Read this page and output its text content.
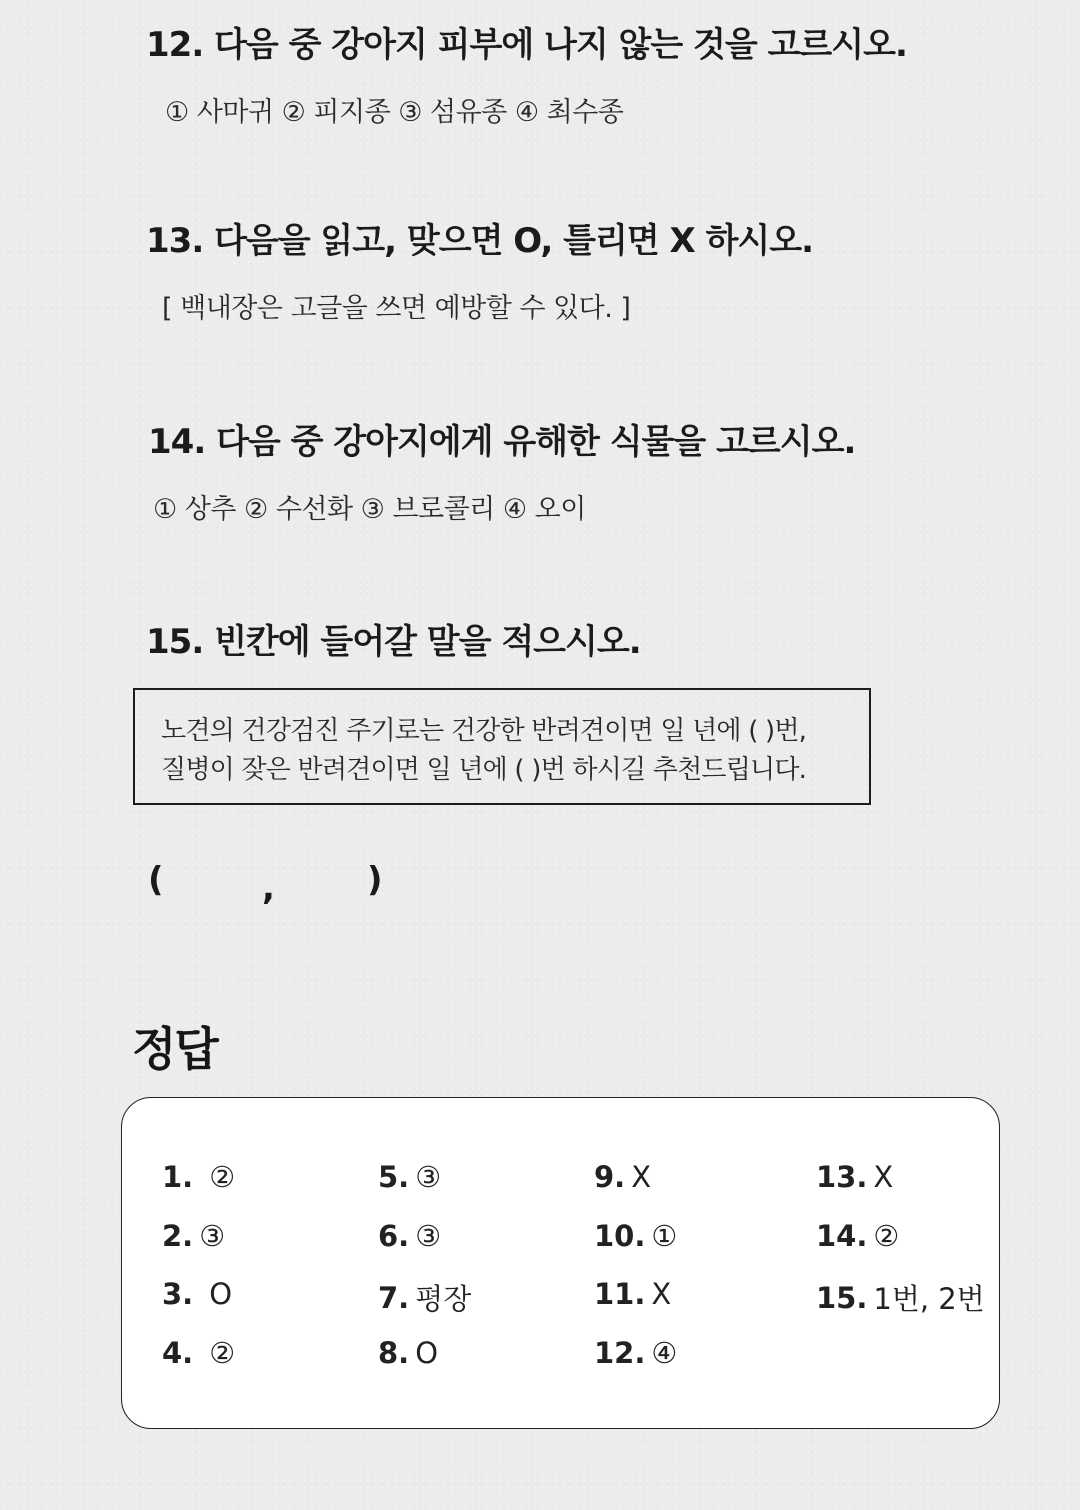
12. 다음 중 강아지 피부에 나지 않는 것을 고르시오.
① 사마귀 ② 피지종 ③ 섬유종 ④ 최수종
13. 다음을 읽고, 맞으면 O, 틀리면 X 하시오.
[ 백내장은 고글을 쓰면 예방할 수 있다. ]
14. 다음 중 강아지에게 유해한 식물을 고르시오.
① 상추 ② 수선화 ③ 브로콜리 ④ 오이
15. 빈칸에 들어갈 말을 적으시오.
노견의 건강검진 주기로는 건강한 반려견이면 일 년에 ( )번,
질병이 잦은 반려견이면 일 년에 ( )번 하시길 추천드립니다.
(	,	)
정답
1. ②
2. ③
3. O
4. ②
5. ③
6. ③
7. 평장
8. O
9. X
10. ①
11. X
12. ④
13. X
14. ②
15. 1번, 2번
